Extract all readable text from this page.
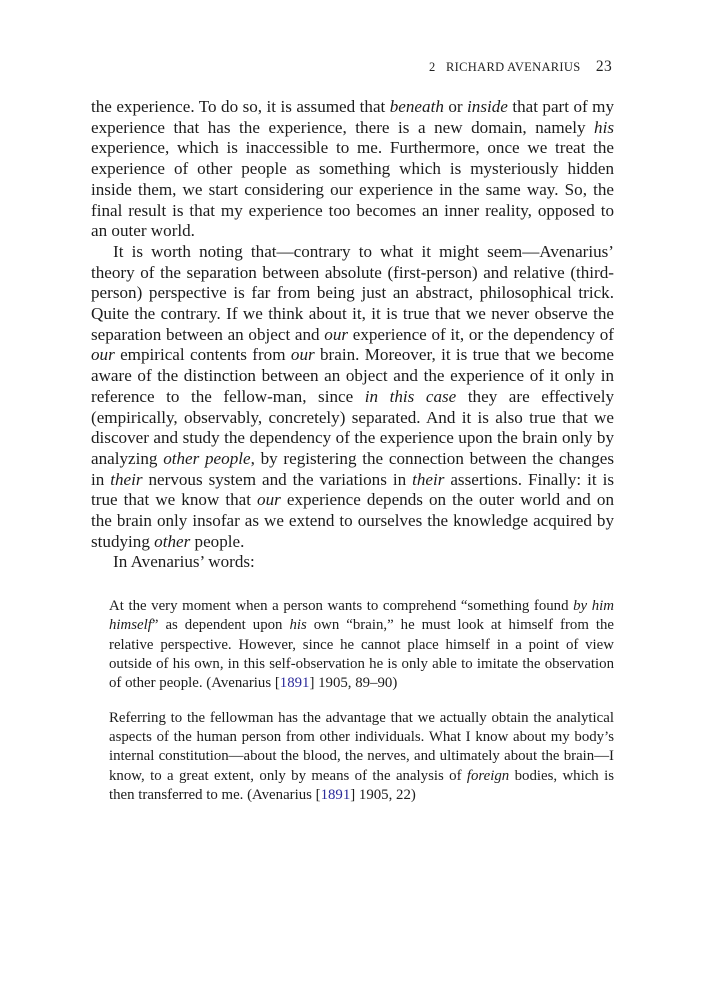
2 RICHARD AVENARIUS 23

the experience. To do so, it is assumed that beneath or inside that part of my experience that has the experience, there is a new domain, namely his experience, which is inaccessible to me. Furthermore, once we treat the experience of other people as something which is mysteriously hidden inside them, we start considering our experience in the same way. So, the final result is that my experience too becomes an inner reality, opposed to an outer world.

It is worth noting that—contrary to what it might seem—Avenarius’ theory of the separation between absolute (first-person) and relative (third-person) perspective is far from being just an abstract, philosophical trick. Quite the contrary. If we think about it, it is true that we never observe the separation between an object and our experience of it, or the dependency of our empirical contents from our brain. Moreover, it is true that we become aware of the distinction between an object and the experience of it only in reference to the fellow-man, since in this case they are effectively (empirically, observably, concretely) separated. And it is also true that we discover and study the dependency of the experience upon the brain only by analyzing other people, by registering the connection between the changes in their nervous system and the variations in their assertions. Finally: it is true that we know that our experience depends on the outer world and on the brain only insofar as we extend to ourselves the knowledge acquired by studying other people.

In Avenarius’ words:

At the very moment when a person wants to comprehend “something found by him himself” as dependent upon his own “brain,” he must look at himself from the relative perspective. However, since he cannot place himself in a point of view outside of his own, in this self-observation he is only able to imitate the observation of other people. (Avenarius [1891] 1905, 89–90)
Referring to the fellowman has the advantage that we actually obtain the analytical aspects of the human person from other individuals. What I know about my body’s internal constitution—about the blood, the nerves, and ultimately about the brain—I know, to a great extent, only by means of the analysis of foreign bodies, which is then transferred to me. (Avenarius [1891] 1905, 22)
